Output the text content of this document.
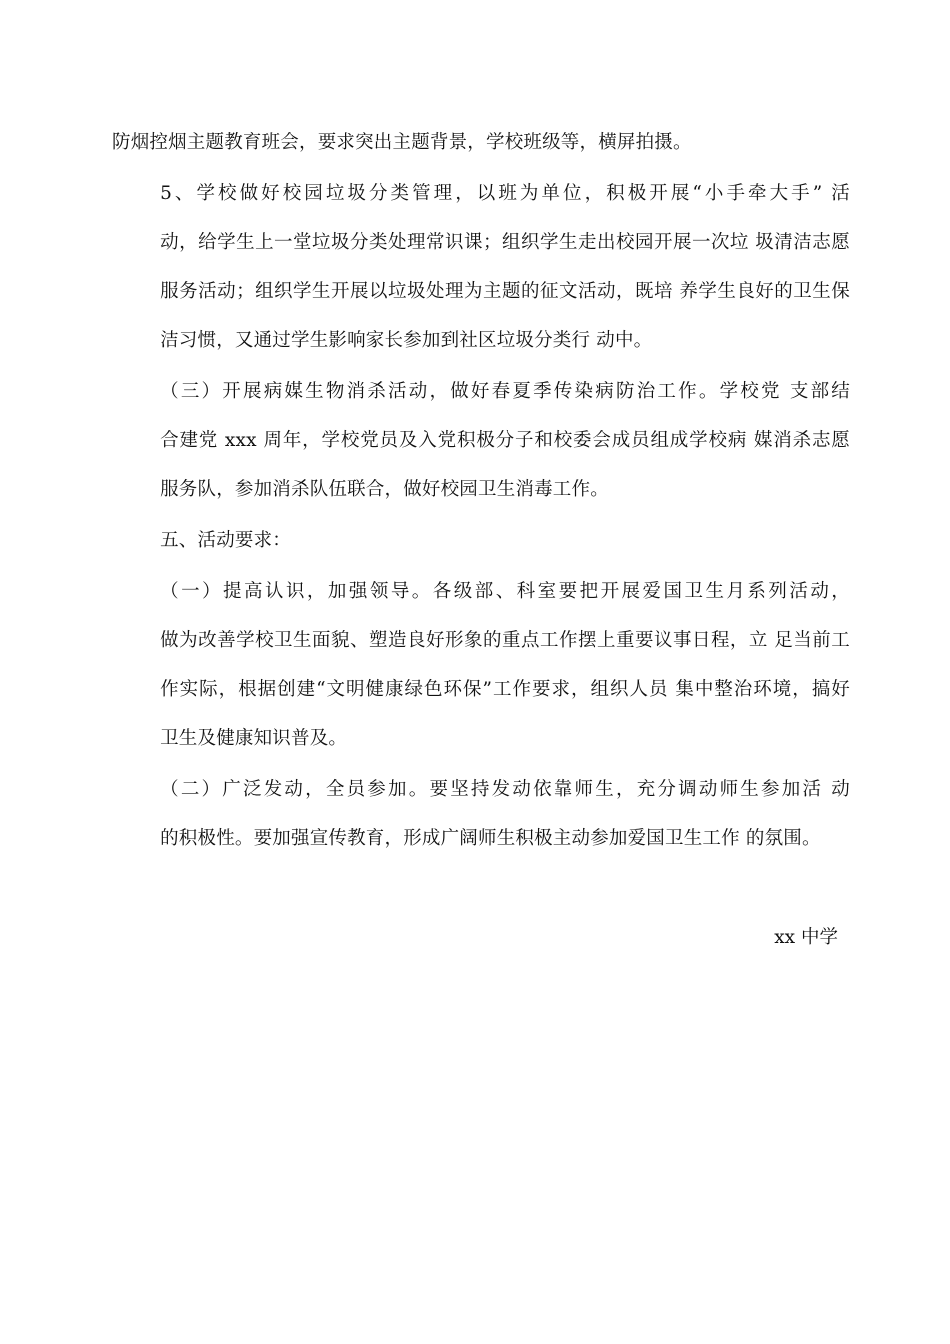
防烟控烟主题教育班会，要求突出主题背景，学校班级等，横屏拍摄。
5、学校做好校园垃圾分类管理，以班为单位，积极开展“小手牵大手” 活
动，给学生上一堂垃圾分类处理常识课；组织学生走出校园开展一次垃 圾清洁志愿
服务活动；组织学生开展以垃圾处理为主题的征文活动，既培 养学生良好的卫生保
洁习惯，又通过学生影响家长参加到社区垃圾分类行 动中。
（三）开展病媒生物消杀活动，做好春夏季传染病防治工作。学校党 支部结
合建党 xxx 周年，学校党员及入党积极分子和校委会成员组成学校病 媒消杀志愿
服务队，参加消杀队伍联合，做好校园卫生消毒工作。
五、活动要求：
（一）提高认识，加强领导。各级部、科室要把开展爱国卫生月系列活动，
做为改善学校卫生面貌、塑造良好形象的重点工作摆上重要议事日程，立 足当前工
作实际，根据创建“文明健康绿色环保”工作要求，组织人员 集中整治环境，搞好
卫生及健康知识普及。
（二）广泛发动，全员参加。要坚持发动依靠师生，充分调动师生参加活 动
的积极性。要加强宣传教育，形成广阔师生积极主动参加爱国卫生工作 的氛围。
xx 中学
